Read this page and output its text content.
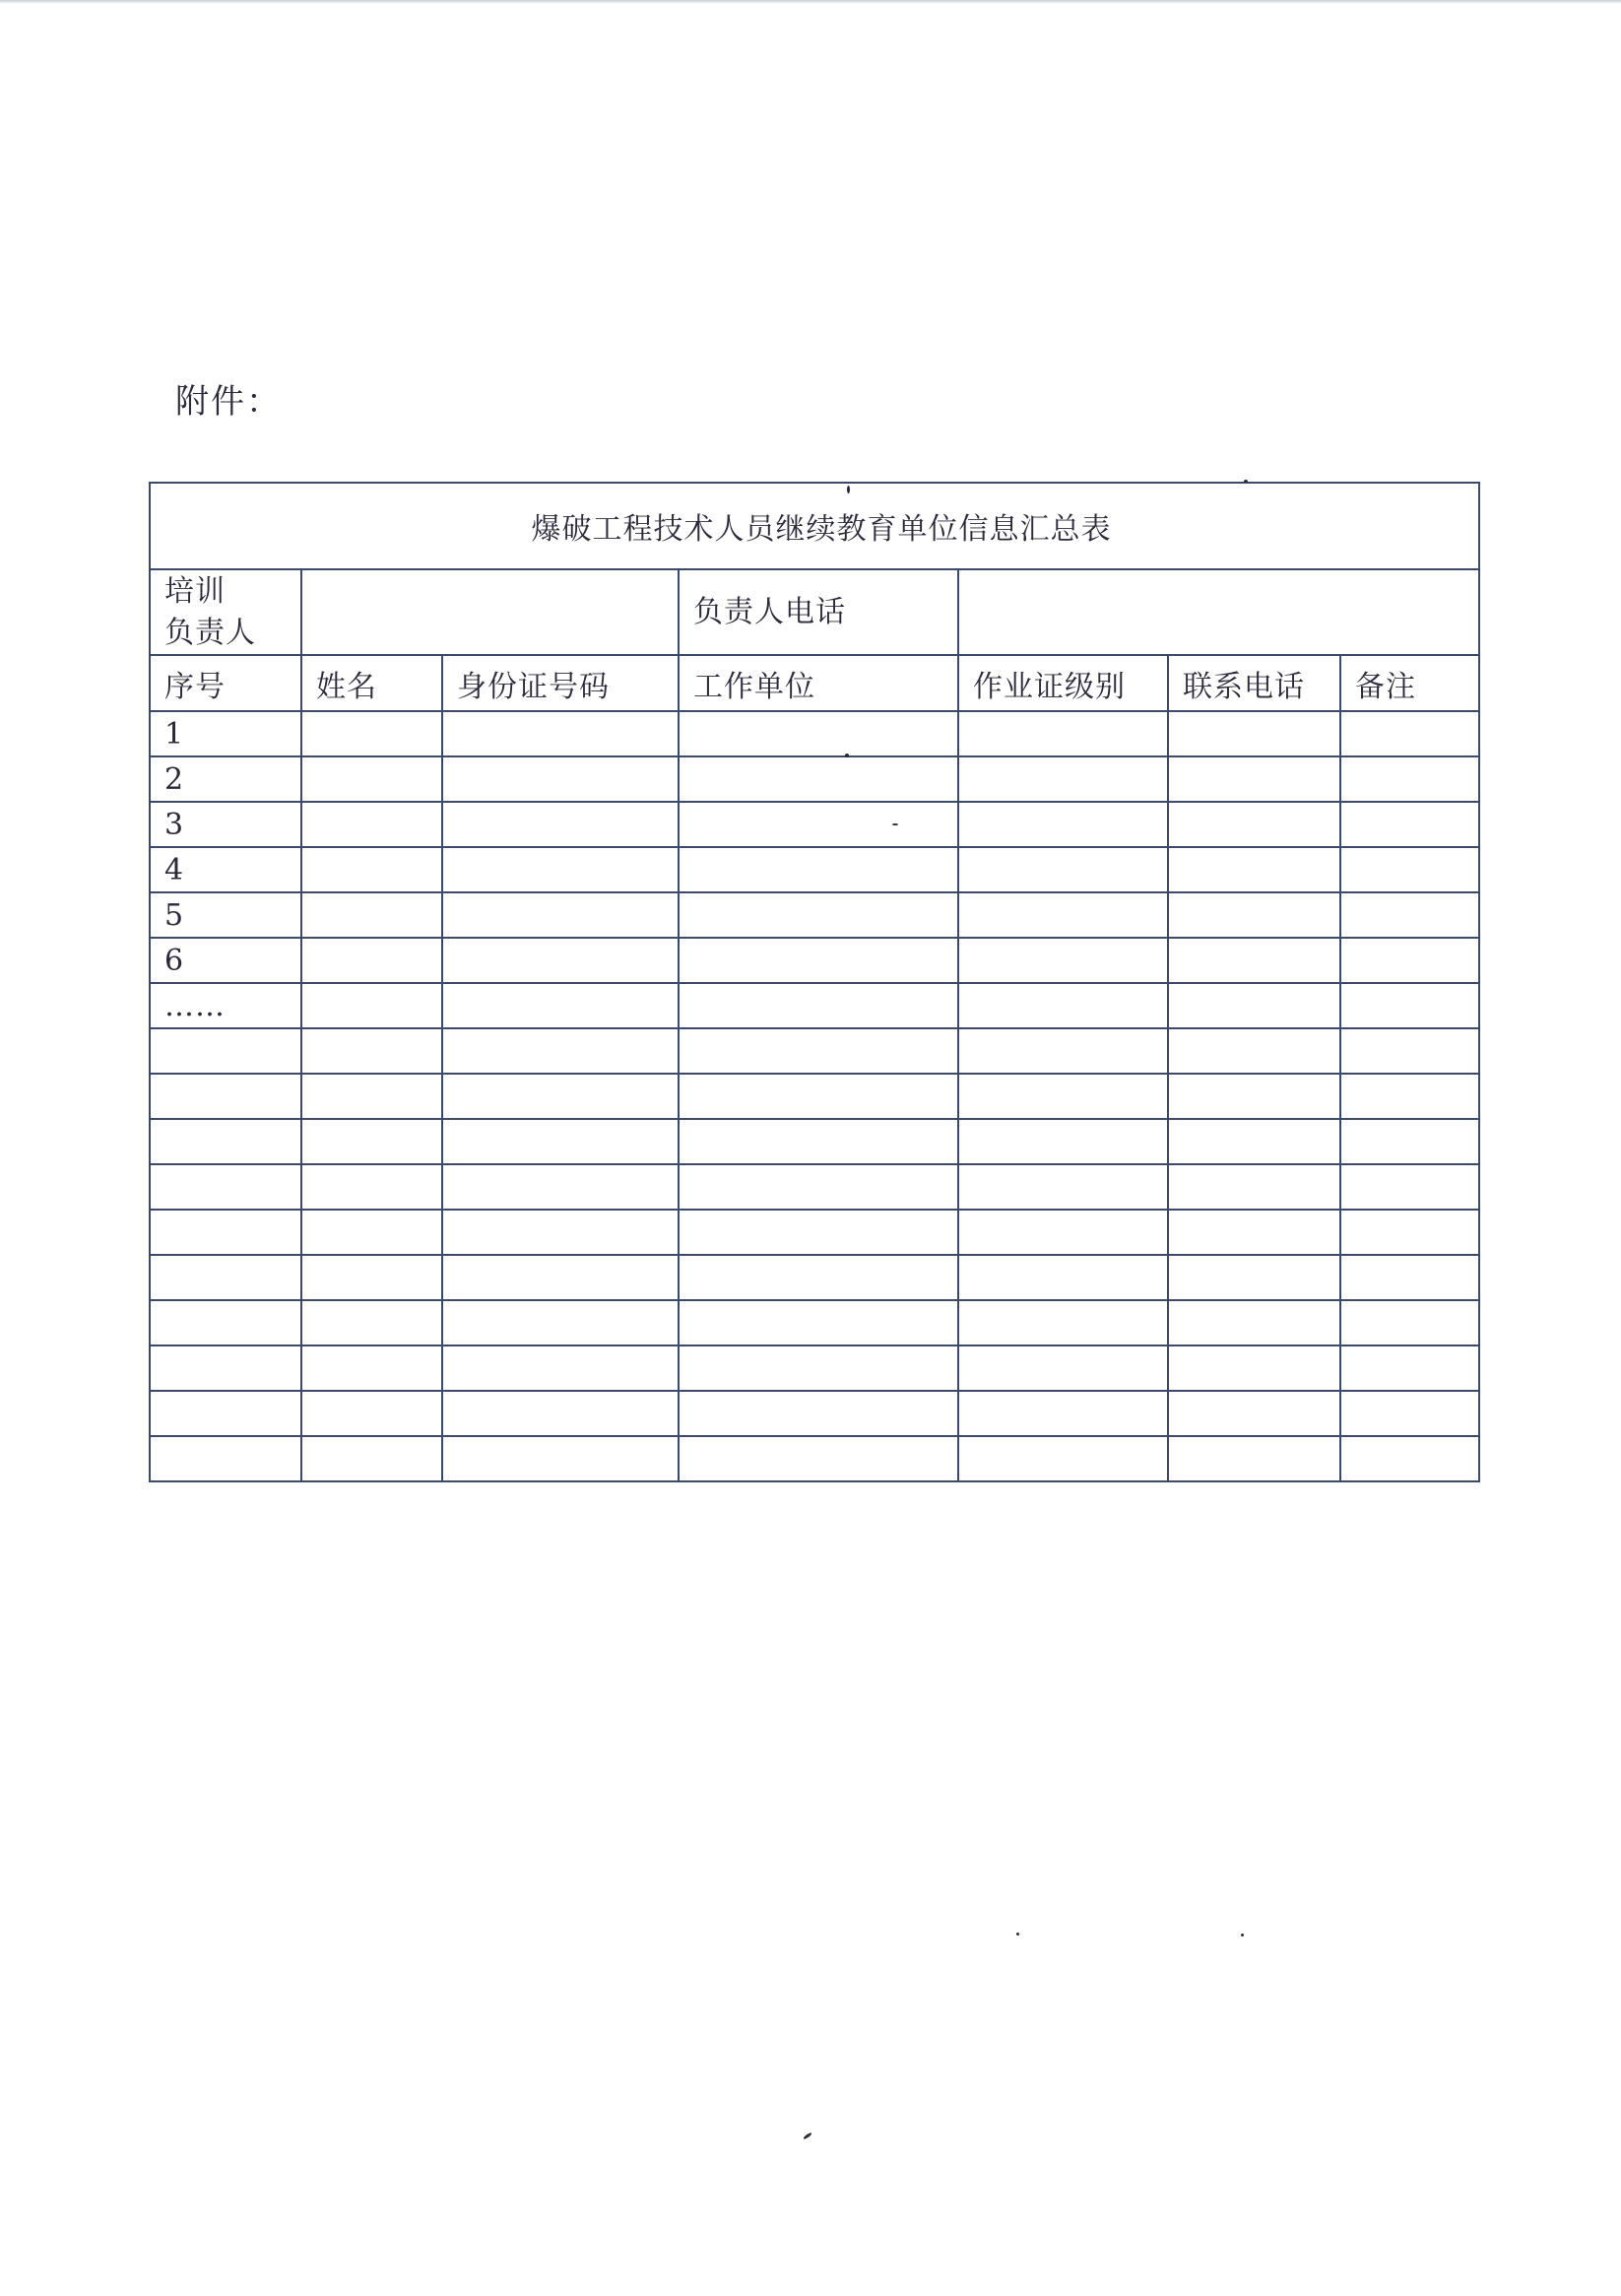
附件：
爆破工程技术人员继续教育单位信息汇总表						

培训
负责人			负责人电话			
序号	姓名	身份证号码	工作单位	作业证级别	联系电话	备注
1						
2						
3						
4						
5						
6						
……						
